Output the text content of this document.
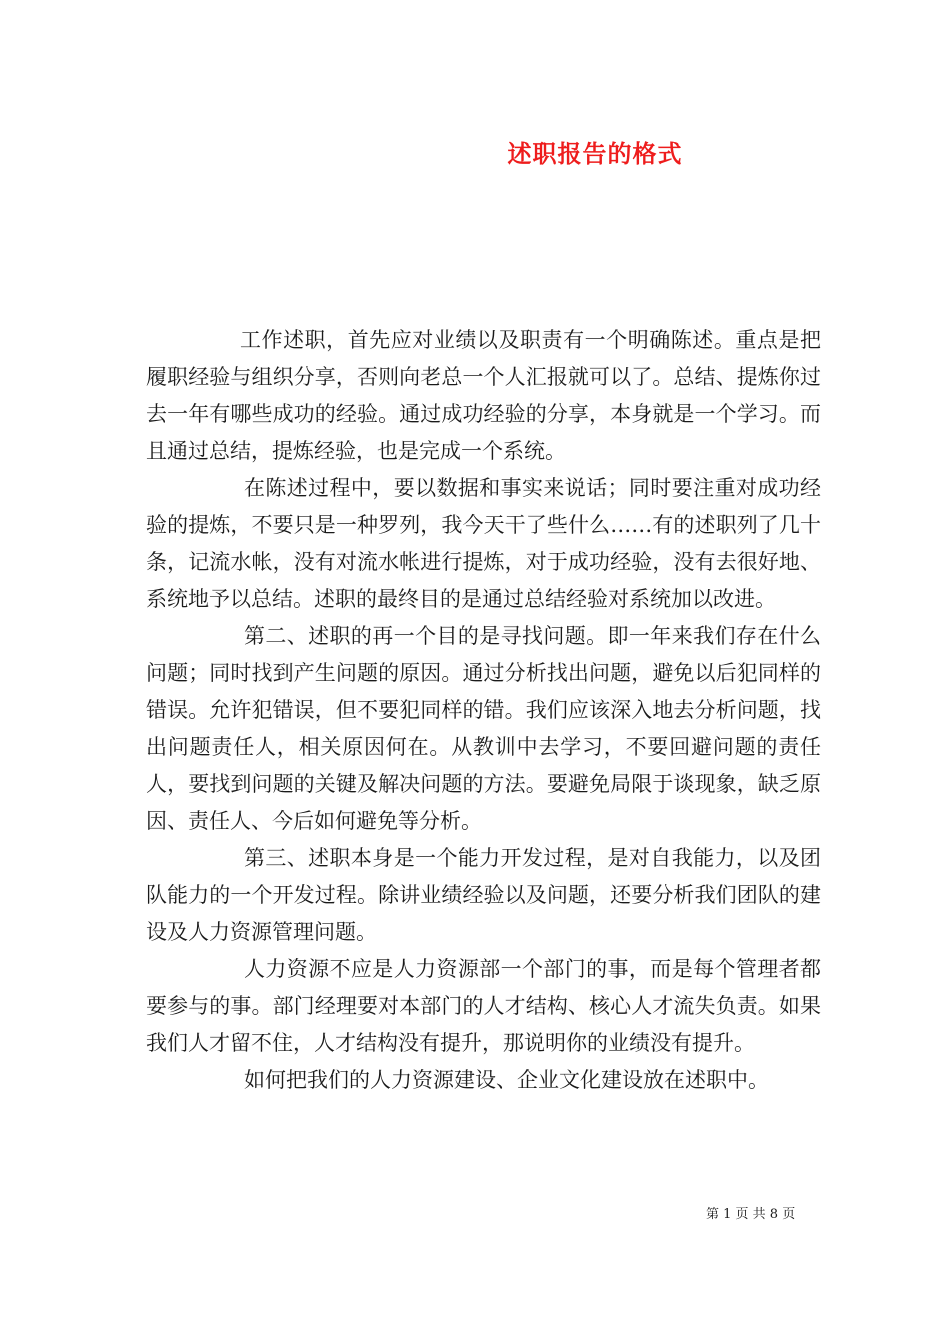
述职报告的格式

工作述职，首先应对业绩以及职责有一个明确陈述。重点是把履职经验与组织分享，否则向老总一个人汇报就可以了。总结、提炼你过去一年有哪些成功的经验。通过成功经验的分享，本身就是一个学习。而且通过总结，提炼经验，也是完成一个系统。

在陈述过程中，要以数据和事实来说话；同时要注重对成功经验的提炼，不要只是一种罗列，我今天干了些什么……有的述职列了几十条，记流水帐，没有对流水帐进行提炼，对于成功经验，没有去很好地、系统地予以总结。述职的最终目的是通过总结经验对系统加以改进。

第二、述职的再一个目的是寻找问题。即一年来我们存在什么问题；同时找到产生问题的原因。通过分析找出问题，避免以后犯同样的错误。允许犯错误，但不要犯同样的错。我们应该深入地去分析问题，找出问题责任人，相关原因何在。从教训中去学习，不要回避问题的责任人，要找到问题的关键及解决问题的方法。要避免局限于谈现象，缺乏原因、责任人、今后如何避免等分析。

第三、述职本身是一个能力开发过程，是对自我能力，以及团队能力的一个开发过程。除讲业绩经验以及问题，还要分析我们团队的建设及人力资源管理问题。

人力资源不应是人力资源部一个部门的事，而是每个管理者都要参与的事。部门经理要对本部门的人才结构、核心人才流失负责。如果我们人才留不住，人才结构没有提升，那说明你的业绩没有提升。

如何把我们的人力资源建设、企业文化建设放在述职中。

第 1 页 共 8 页
